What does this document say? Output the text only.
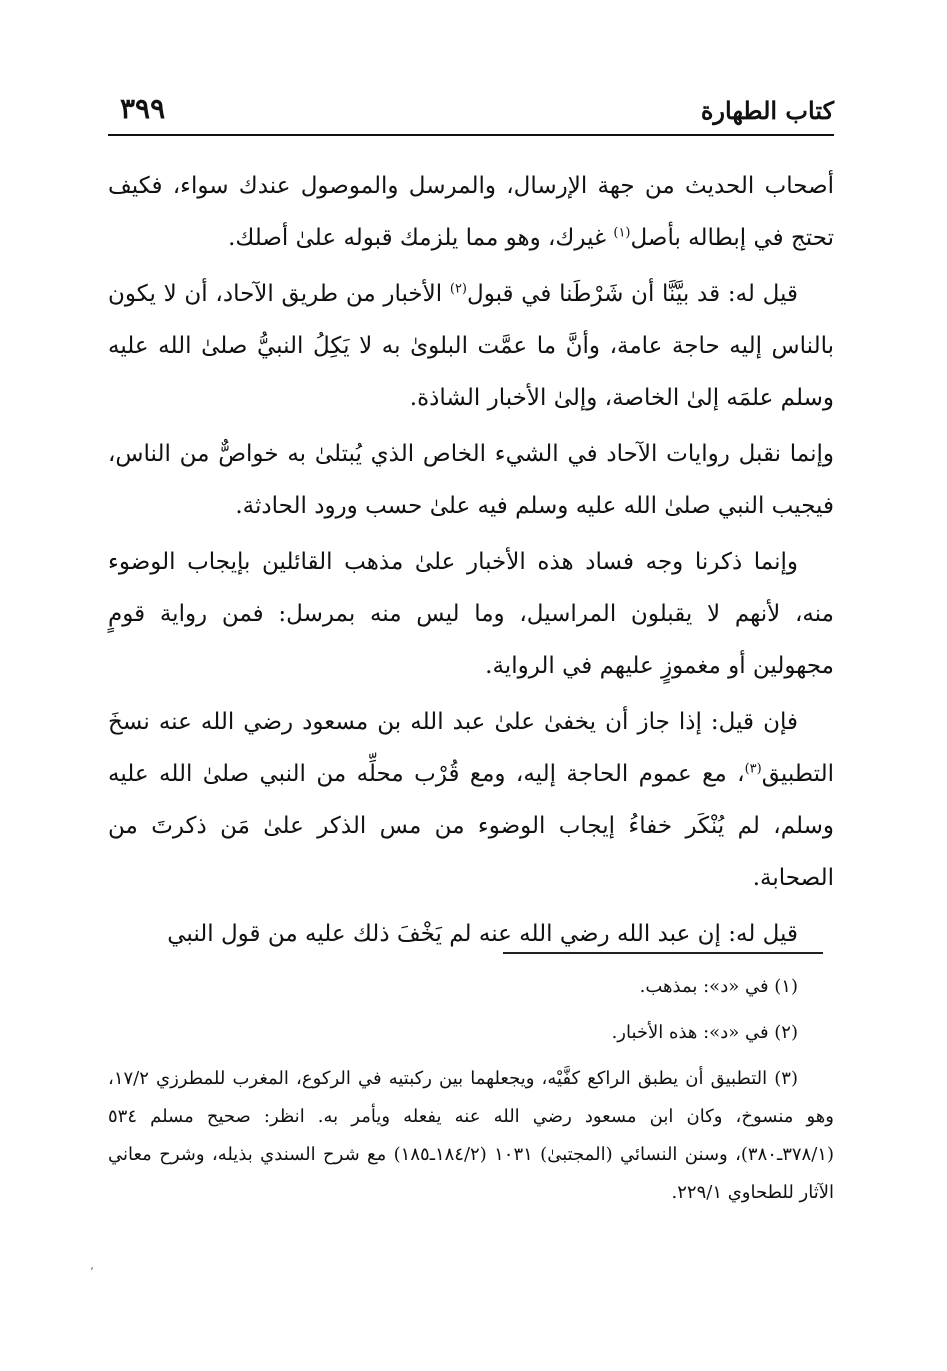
كتاب الطهارة
٣٩٩

أصحاب الحديث من جهة الإرسال، والمرسل والموصول عندك سواء، فكيف تحتج في إبطاله بأصل$^{(١)}$ غيرك، وهو مما يلزمك قبوله علىٰ أصلك.

قيل له: قد بيَّنَّا أن شَرْطَنا في قبول$^{(٢)}$ الأخبار من طريق الآحاد، أن لا يكون بالناس إليه حاجة عامة، وأنَّ ما عمَّت البلوىٰ به لا يَكِلُ النبيُّ صلىٰ الله عليه وسلم علمَه إلىٰ الخاصة، وإلىٰ الأخبار الشاذة.

وإنما نقبل روايات الآحاد في الشيء الخاص الذي يُبتلىٰ به خواصٌّ من الناس، فيجيب النبي صلىٰ الله عليه وسلم فيه علىٰ حسب ورود الحادثة.

وإنما ذكرنا وجه فساد هذه الأخبار علىٰ مذهب القائلين بإيجاب الوضوء منه، لأنهم لا يقبلون المراسيل، وما ليس منه بمرسل: فمن رواية قومٍ مجهولين أو مغموزٍ عليهم في الرواية.

فإن قيل: إذا جاز أن يخفىٰ علىٰ عبد الله بن مسعود رضي الله عنه نسخَ التطبيق$^{(٣)}$، مع عموم الحاجة إليه، ومع قُرْب محلِّه من النبي صلىٰ الله عليه وسلم، لم يُنْكَر خفاءُ إيجاب الوضوء من مس الذكر علىٰ مَن ذكرتَ من الصحابة.

قيل له: إن عبد الله رضي الله عنه لم يَخْفَ ذلك عليه من قول النبي

(١) في «د»: بمذهب.

(٢) في «د»: هذه الأخبار.

(٣) التطبيق أن يطبق الراكع كفَّيْه، ويجعلهما بين ركبتيه في الركوع، المغرب للمطرزي ١٧/٢، وهو منسوخ، وكان ابن مسعود رضي الله عنه يفعله ويأمر به. انظر: صحيح مسلم ٥٣٤ (٣٧٨/١ـ٣٨٠)، وسنن النسائي (المجتبىٰ) ١٠٣١ (١٨٤/٢ـ١٨٥) مع شرح السندي بذيله، وشرح معاني الآثار للطحاوي ٢٢٩/١.

٬
